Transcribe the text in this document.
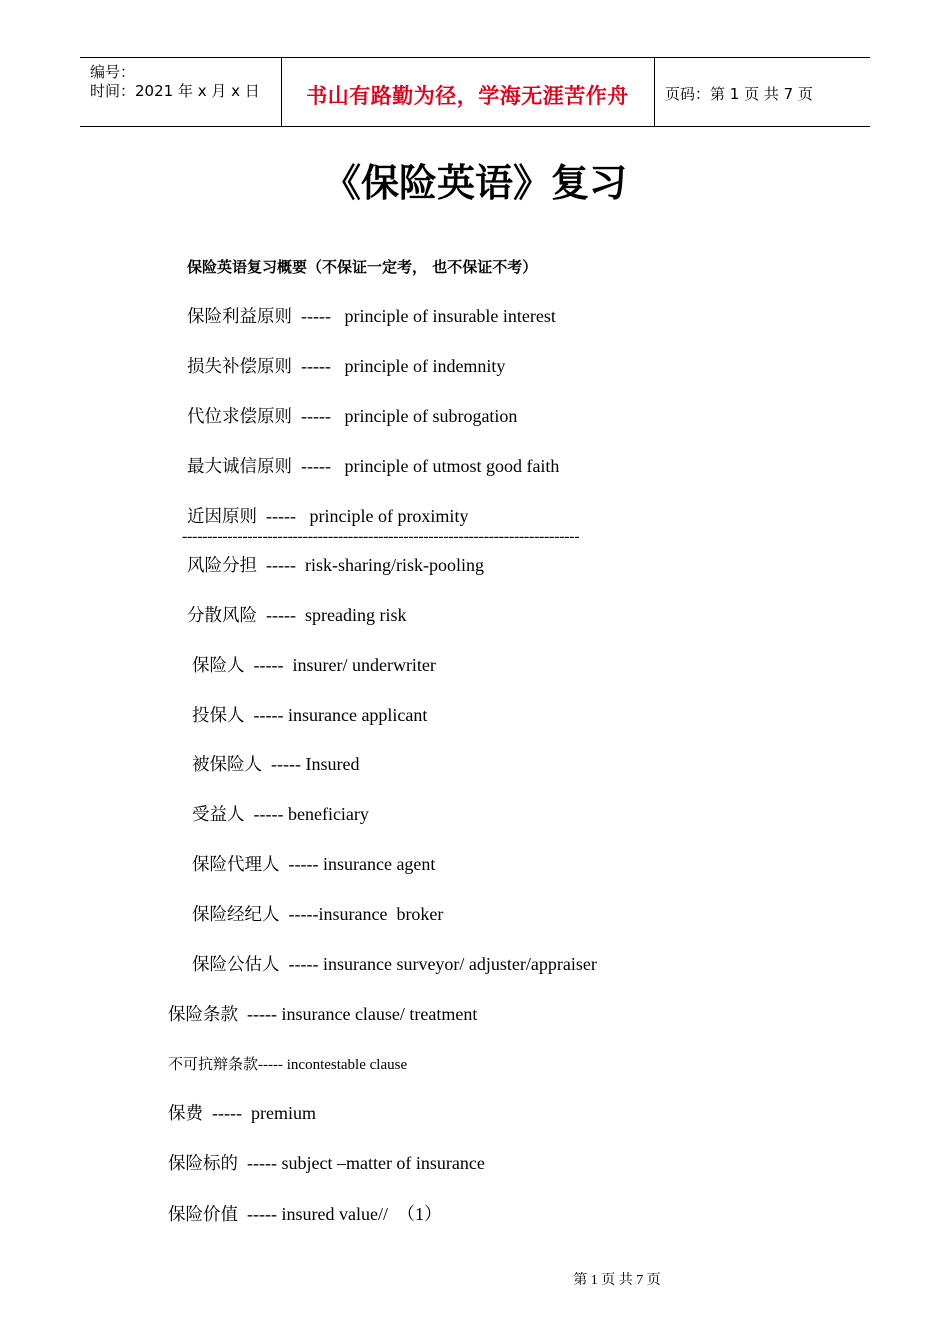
编号：
时间：2021 年 x 月 x 日	书山有路勤为径，学海无涯苦作舟	页码：第 1 页 共 7 页
《保险英语》复习
保险英语复习概要（不保证一定考， 也不保证不考）
保险利益原则  -----   principle of insurable interest
损失补偿原则  -----   principle of indemnity
代位求偿原则  -----   principle of subrogation
最大诚信原则  -----   principle of utmost good faith
近因原则  -----   principle of proximity
-------------------------------------------------------------------------------
风险分担  -----  risk-sharing/risk-pooling
分散风险  -----  spreading risk
保险人  -----  insurer/ underwriter
投保人  ----- insurance applicant
被保险人  ----- Insured
受益人  ----- beneficiary
保险代理人  ----- insurance agent
保险经纪人  -----insurance  broker
保险公估人  ----- insurance surveyor/ adjuster/appraiser
保险条款  ----- insurance clause/ treatment
不可抗辩条款----- incontestable clause
保费  -----  premium
保险标的  ----- subject –matter of insurance
保险价值  ----- insured value//  （1）
第 1 页 共 7 页
